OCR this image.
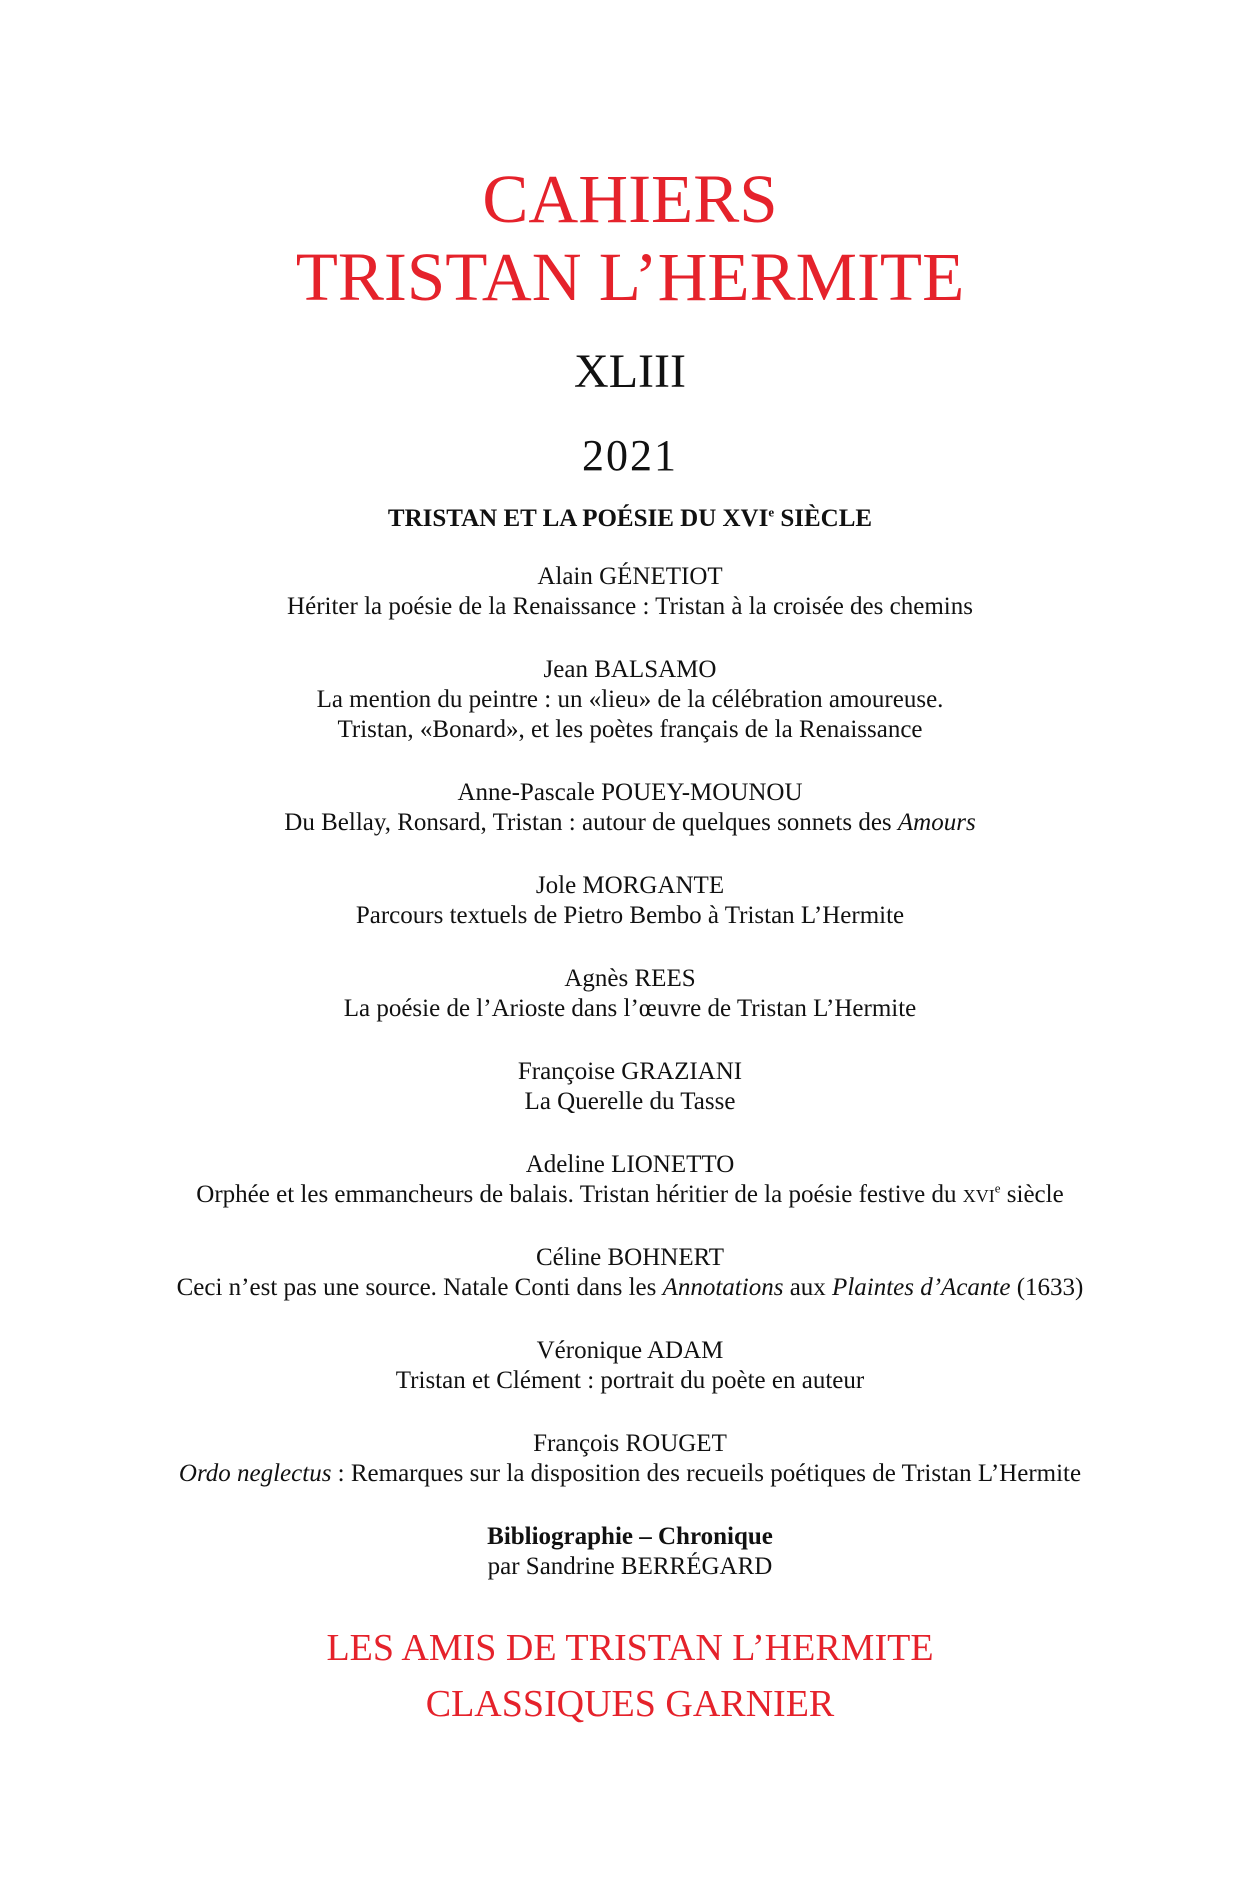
CAHIERS
TRISTAN L’HERMITE
XLIII
2021
TRISTAN ET LA POÉSIE DU XVIe SIÈCLE
Alain GÉNETIOT
Hériter la poésie de la Renaissance : Tristan à la croisée des chemins
Jean BALSAMO
La mention du peintre : un «lieu» de la célébration amoureuse.
Tristan, «Bonard», et les poètes français de la Renaissance
Anne-Pascale POUEY-MOUNOU
Du Bellay, Ronsard, Tristan : autour de quelques sonnets des Amours
Jole MORGANTE
Parcours textuels de Pietro Bembo à Tristan L’Hermite
Agnès REES
La poésie de l’Arioste dans l’œuvre de Tristan L’Hermite
Françoise GRAZIANI
La Querelle du Tasse
Adeline LIONETTO
Orphée et les emmancheurs de balais. Tristan héritier de la poésie festive du xvi$^e$ siècle
Céline BOHNERT
Ceci n’est pas une source. Natale Conti dans les Annotations aux Plaintes d’Acante (1633)
Véronique ADAM
Tristan et Clément : portrait du poète en auteur
François ROUGET
Ordo neglectus : Remarques sur la disposition des recueils poétiques de Tristan L’Hermite
Bibliographie – Chronique
par Sandrine BERRÉGARD
LES AMIS DE TRISTAN L’HERMITE
CLASSIQUES GARNIER
